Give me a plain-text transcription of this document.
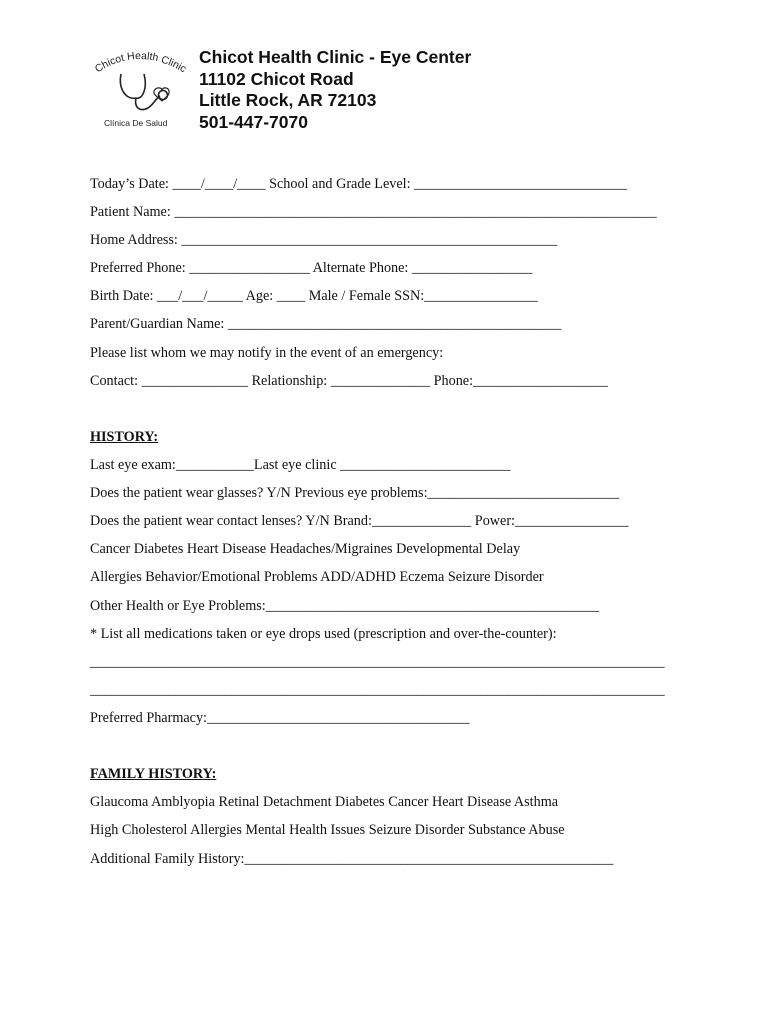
Chicot Health Clinic
Clínica De Salud
Chicot Health Clinic - Eye Center
11102 Chicot Road
Little Rock, AR 72103
501-447-7070
Today’s Date: ____/____/____ School and Grade Level: ______________________________
Patient Name: ____________________________________________________________________
Home Address: _____________________________________________________
Preferred Phone: _________________ Alternate Phone: _________________
Birth Date: ___/___/_____ Age: ____ Male / Female SSN:________________
Parent/Guardian Name: _______________________________________________
Please list whom we may notify in the event of an emergency:
Contact: _______________ Relationship: ______________ Phone:___________________
HISTORY:
Last eye exam:___________Last eye clinic ________________________
Does the patient wear glasses? Y/N Previous eye problems:___________________________
Does the patient wear contact lenses? Y/N Brand:______________ Power:________________
Cancer Diabetes Heart Disease Headaches/Migraines Developmental Delay
Allergies Behavior/Emotional Problems ADD/ADHD Eczema Seizure Disorder
Other Health or Eye Problems:_______________________________________________
* List all medications taken or eye drops used (prescription and over-the-counter):
_________________________________________________________________________________
_________________________________________________________________________________
Preferred Pharmacy:_____________________________________
FAMILY HISTORY:
Glaucoma Amblyopia Retinal Detachment Diabetes Cancer Heart Disease Asthma
High Cholesterol Allergies Mental Health Issues Seizure Disorder Substance Abuse
Additional Family History:____________________________________________________
